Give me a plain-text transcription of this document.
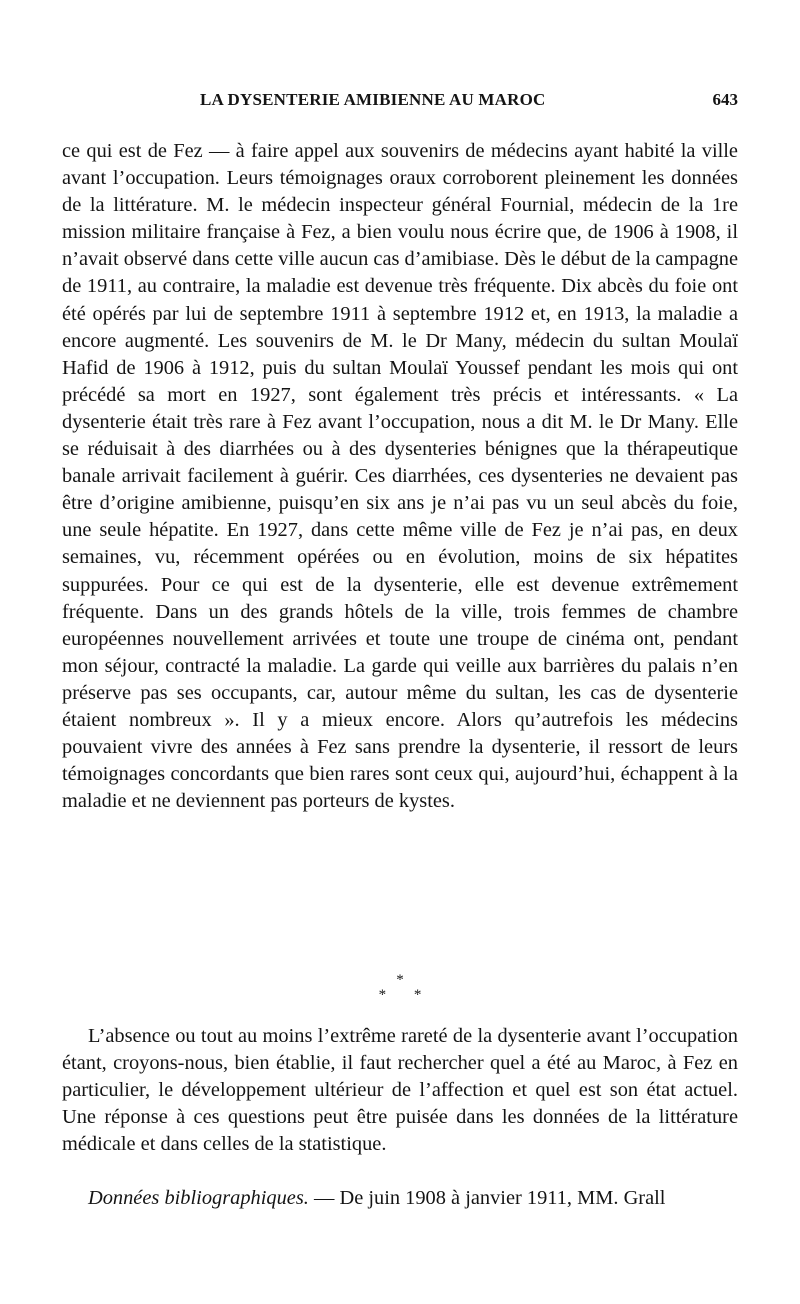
LA DYSENTERIE AMIBIENNE AU MAROC	643

ce qui est de Fez — à faire appel aux souvenirs de médecins ayant habité la ville avant l’occupation. Leurs témoignages oraux corroborent pleinement les données de la littérature. M. le médecin inspecteur général Fournial, médecin de la 1re mission militaire française à Fez, a bien voulu nous écrire que, de 1906 à 1908, il n’avait observé dans cette ville aucun cas d’amibiase. Dès le début de la campagne de 1911, au contraire, la maladie est devenue très fréquente. Dix abcès du foie ont été opérés par lui de septembre 1911 à septembre 1912 et, en 1913, la maladie a encore augmenté. Les souvenirs de M. le Dr Many, médecin du sultan Moulaï Hafid de 1906 à 1912, puis du sultan Moulaï Youssef pendant les mois qui ont précédé sa mort en 1927, sont également très précis et intéressants. « La dysenterie était très rare à Fez avant l’occupation, nous a dit M. le Dr Many. Elle se réduisait à des diarrhées ou à des dysenteries bénignes que la thérapeutique banale arrivait facilement à guérir. Ces diarrhées, ces dysenteries ne devaient pas être d’origine amibienne, puisqu’en six ans je n’ai pas vu un seul abcès du foie, une seule hépatite. En 1927, dans cette même ville de Fez je n’ai pas, en deux semaines, vu, récemment opérées ou en évolution, moins de six hépatites suppurées. Pour ce qui est de la dysenterie, elle est devenue extrêmement fréquente. Dans un des grands hôtels de la ville, trois femmes de chambre européennes nouvellement arrivées et toute une troupe de cinéma ont, pendant mon séjour, contracté la maladie. La garde qui veille aux barrières du palais n’en préserve pas ses occupants, car, autour même du sultan, les cas de dysenterie étaient nombreux ». Il y a mieux encore. Alors qu’autrefois les médecins pouvaient vivre des années à Fez sans prendre la dysenterie, il ressort de leurs témoignages concordants que bien rares sont ceux qui, aujourd’hui, échappent à la maladie et ne deviennent pas porteurs de kystes.

*
* *

L’absence ou tout au moins l’extrême rareté de la dysenterie avant l’occupation étant, croyons-nous, bien établie, il faut rechercher quel a été au Maroc, à Fez en particulier, le développement ultérieur de l’affection et quel est son état actuel. Une réponse à ces questions peut être puisée dans les données de la littérature médicale et dans celles de la statistique.

Données bibliographiques. — De juin 1908 à janvier 1911, MM. Grall
